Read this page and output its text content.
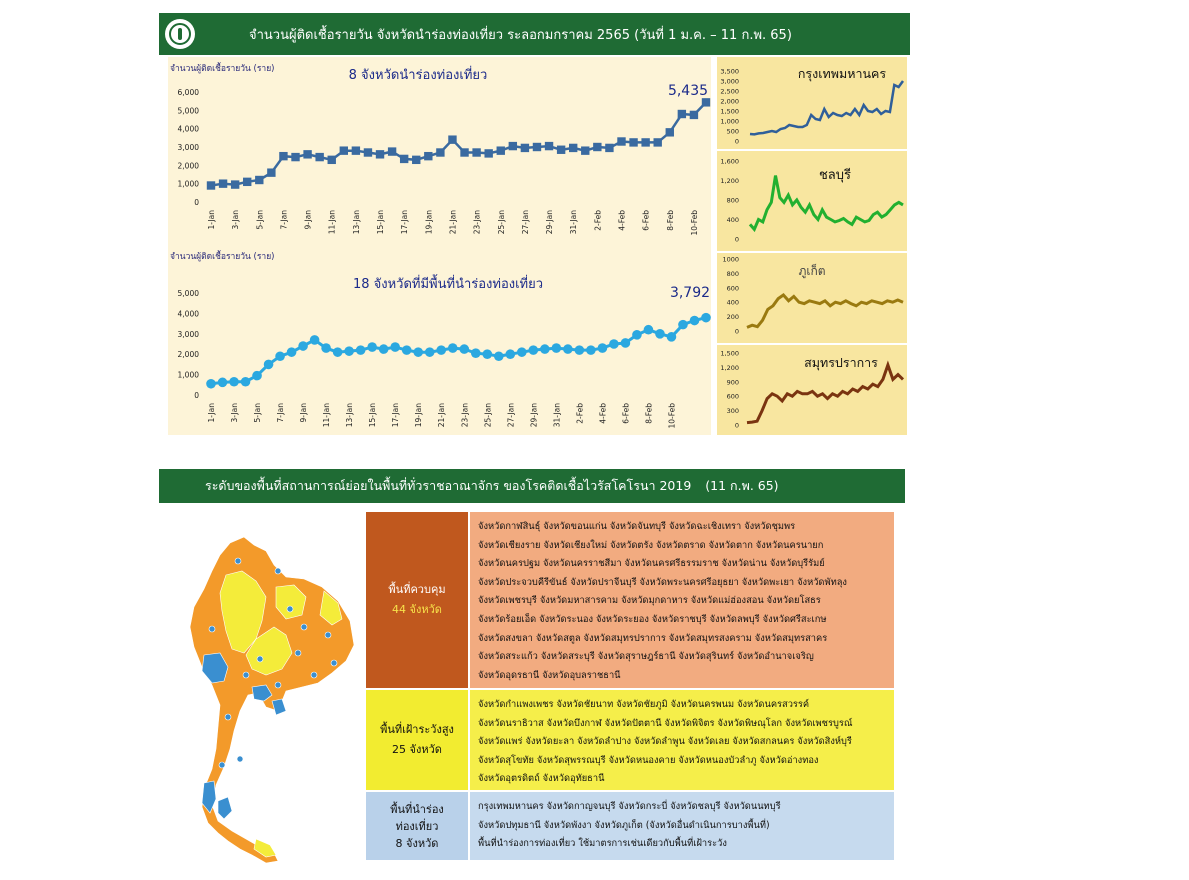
จำนวนผู้ติดเชื้อรายวัน จังหวัดนำร่องท่องเที่ยว ระลอกมกราคม 2565 (วันที่ 1 ม.ค. – 11 ก.พ. 65)
จำนวนผู้ติดเชื้อรายวัน (ราย)	8 จังหวัดนำร่องท่องเที่ยว
0
1,000
2,000
3,000
4,000
5,000
6,000
1-Jan 3-Jan 5-Jan 7-Jan 9-Jan 11-Jan 13-Jan 15-Jan 17-Jan 19-Jan 21-Jan 23-Jan 25-Jan 27-Jan 29-Jan 31-Jan 2-Feb 4-Feb 6-Feb 8-Feb 10-Feb
5,435
จำนวนผู้ติดเชื้อรายวัน (ราย)
18 จังหวัดที่มีพื้นที่นำร่องท่องเที่ยว
0
1,000
2,000
3,000
4,000
5,000
1-Jan 3-Jan 5-Jan 7-Jan 9-Jan 11-Jan 13-Jan 15-Jan 17-Jan 19-Jan 21-Jan 23-Jan 25-Jan 27-Jan 29-Jan 31-Jan 2-Feb 4-Feb 6-Feb 8-Feb 10-Feb
3,792
กรุงเทพมหานคร
0
500
1,000
1,500
2,000
2,500
3,000
3,500
ชลบุรี
0
400
800
1,200
1,600
ภูเก็ต
0
200
400
600
800
1000
สมุทรปราการ
0
300
600
900
1,200
1,500
ระดับของพื้นที่สถานการณ์ย่อยในพื้นที่ทั่วราชอาณาจักร ของโรคติดเชื้อไวรัสโคโรนา 2019 (11 ก.พ. 65)
พื้นที่ควบคุม
44 จังหวัด
จังหวัดกาฬสินธุ์ จังหวัดขอนแก่น จังหวัดจันทบุรี จังหวัดฉะเชิงเทรา จังหวัดชุมพร
จังหวัดเชียงราย จังหวัดเชียงใหม่ จังหวัดตรัง จังหวัดตราด จังหวัดตาก จังหวัดนครนายก
จังหวัดนครปฐม จังหวัดนครราชสีมา จังหวัดนครศรีธรรมราช จังหวัดน่าน จังหวัดบุรีรัมย์
จังหวัดประจวบคีรีขันธ์ จังหวัดปราจีนบุรี จังหวัดพระนครศรีอยุธยา จังหวัดพะเยา จังหวัดพัทลุง
จังหวัดเพชรบุรี จังหวัดมหาสารคาม จังหวัดมุกดาหาร จังหวัดแม่ฮ่องสอน จังหวัดยโสธร
จังหวัดร้อยเอ็ด จังหวัดระนอง จังหวัดระยอง จังหวัดราชบุรี จังหวัดลพบุรี จังหวัดศรีสะเกษ
จังหวัดสงขลา จังหวัดสตูล จังหวัดสมุทรปราการ จังหวัดสมุทรสงคราม จังหวัดสมุทรสาคร
จังหวัดสระแก้ว จังหวัดสระบุรี จังหวัดสุราษฎร์ธานี จังหวัดสุรินทร์ จังหวัดอำนาจเจริญ
จังหวัดอุดรธานี จังหวัดอุบลราชธานี
พื้นที่เฝ้าระวังสูง
25 จังหวัด
จังหวัดกำแพงเพชร จังหวัดชัยนาท จังหวัดชัยภูมิ จังหวัดนครพนม จังหวัดนครสวรรค์
จังหวัดนราธิวาส จังหวัดบึงกาฬ จังหวัดปัตตานี จังหวัดพิจิตร จังหวัดพิษณุโลก จังหวัดเพชรบูรณ์
จังหวัดแพร่ จังหวัดยะลา จังหวัดลำปาง จังหวัดลำพูน จังหวัดเลย จังหวัดสกลนคร จังหวัดสิงห์บุรี
จังหวัดสุโขทัย จังหวัดสุพรรณบุรี จังหวัดหนองคาย จังหวัดหนองบัวลำภู จังหวัดอ่างทอง
จังหวัดอุตรดิตถ์ จังหวัดอุทัยธานี
พื้นที่นำร่อง
ท่องเที่ยว
8 จังหวัด
กรุงเทพมหานคร จังหวัดกาญจนบุรี จังหวัดกระบี่ จังหวัดชลบุรี จังหวัดนนทบุรี
จังหวัดปทุมธานี จังหวัดพังงา จังหวัดภูเก็ต (จังหวัดอื่นดำเนินการบางพื้นที่)
พื้นที่นำร่องการท่องเที่ยว ใช้มาตรการเช่นเดียวกับพื้นที่เฝ้าระวัง
